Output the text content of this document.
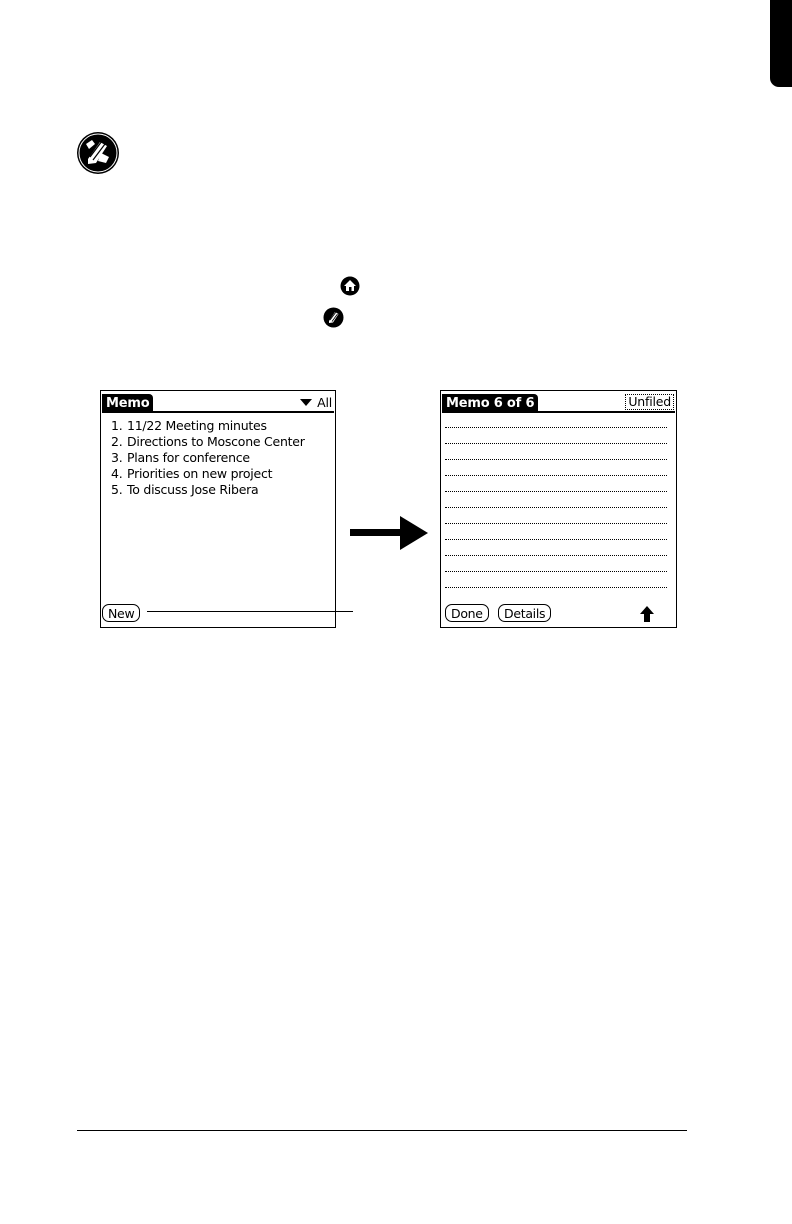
Memo	All
1. 11/22 Meeting minutes
2. Directions to Moscone Center
3. Plans for conference
4. Priorities on new project
5. To discuss Jose Ribera
New
Memo 6 of 6	Unfiled
Done	Details
